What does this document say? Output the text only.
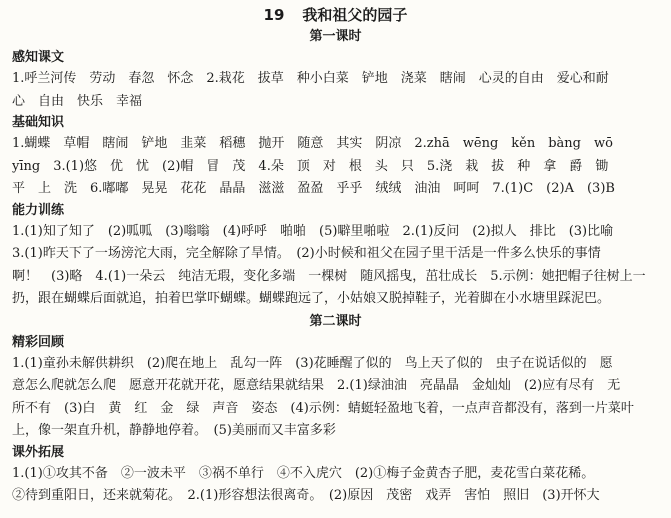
19 我和祖父的园子
第一课时
感知课文

1.呼兰河传　劳动　春忽　怀念　2.栽花　拔草　种小白菜　铲地　浇菜　瞎闹　心灵的自由　爱心和耐

心　自由　快乐　幸福

基础知识

1.蝴蝶　草帽　瞎闹　铲地　韭菜　稻穗　抛开　随意　其实　阴凉　2.zhā　wēng　kěn　bàng　wō

yīng　3.(1)悠　优　忧　(2)帽　冒　茂　4.朵　顶　对　根　头　只　5.浇　栽　拔　种　拿　爵　锄

平　上　洗　6.嘟嘟　晃晃　花花　晶晶　滋滋　盈盈　乎乎　绒绒　油油　呵呵　7.(1)C　(2)A　(3)B

能力训练

1.(1)知了知了　(2)呱呱　(3)嗡嗡　(4)呼呼　啪啪　(5)噼里啪啦　2.(1)反问　(2)拟人　排比　(3)比喻

3.(1)昨天下了一场滂沱大雨，完全解除了旱情。　(2)小时候和祖父在园子里干活是一件多么快乐的事情

啊！　(3)略　4.(1)一朵云　纯洁无瑕，变化多端　一棵树　随风摇曳，茁壮成长　5.示例：她把帽子往树上一

扔，跟在蝴蝶后面就追，拍着巴掌吓蝴蝶。蝴蝶跑远了，小姑娘又脱掉鞋子，光着脚在小水塘里踩泥巴。

第二课时
精彩回顾

1.(1)童孙未解供耕织　(2)爬在地上　乱勾一阵　(3)花睡醒了似的　鸟上天了似的　虫子在说话似的　愿

意怎么爬就怎么爬　愿意开花就开花，愿意结果就结果　2.(1)绿油油　亮晶晶　金灿灿　(2)应有尽有　无

所不有　(3)白　黄　红　金　绿　声音　姿态　(4)示例：蜻蜓轻盈地飞着，一点声音都没有，落到一片菜叶

上，像一架直升机，静静地停着。　(5)美丽而又丰富多彩

课外拓展

1.(1)①攻其不备　②一波未平　③祸不单行　④不入虎穴　(2)①梅子金黄杏子肥，麦花雪白菜花稀。

②待到重阳日，还来就菊花。　2.(1)形容想法很离奇。　(2)原因　茂密　戏弄　害怕　照旧　(3)开怀大
